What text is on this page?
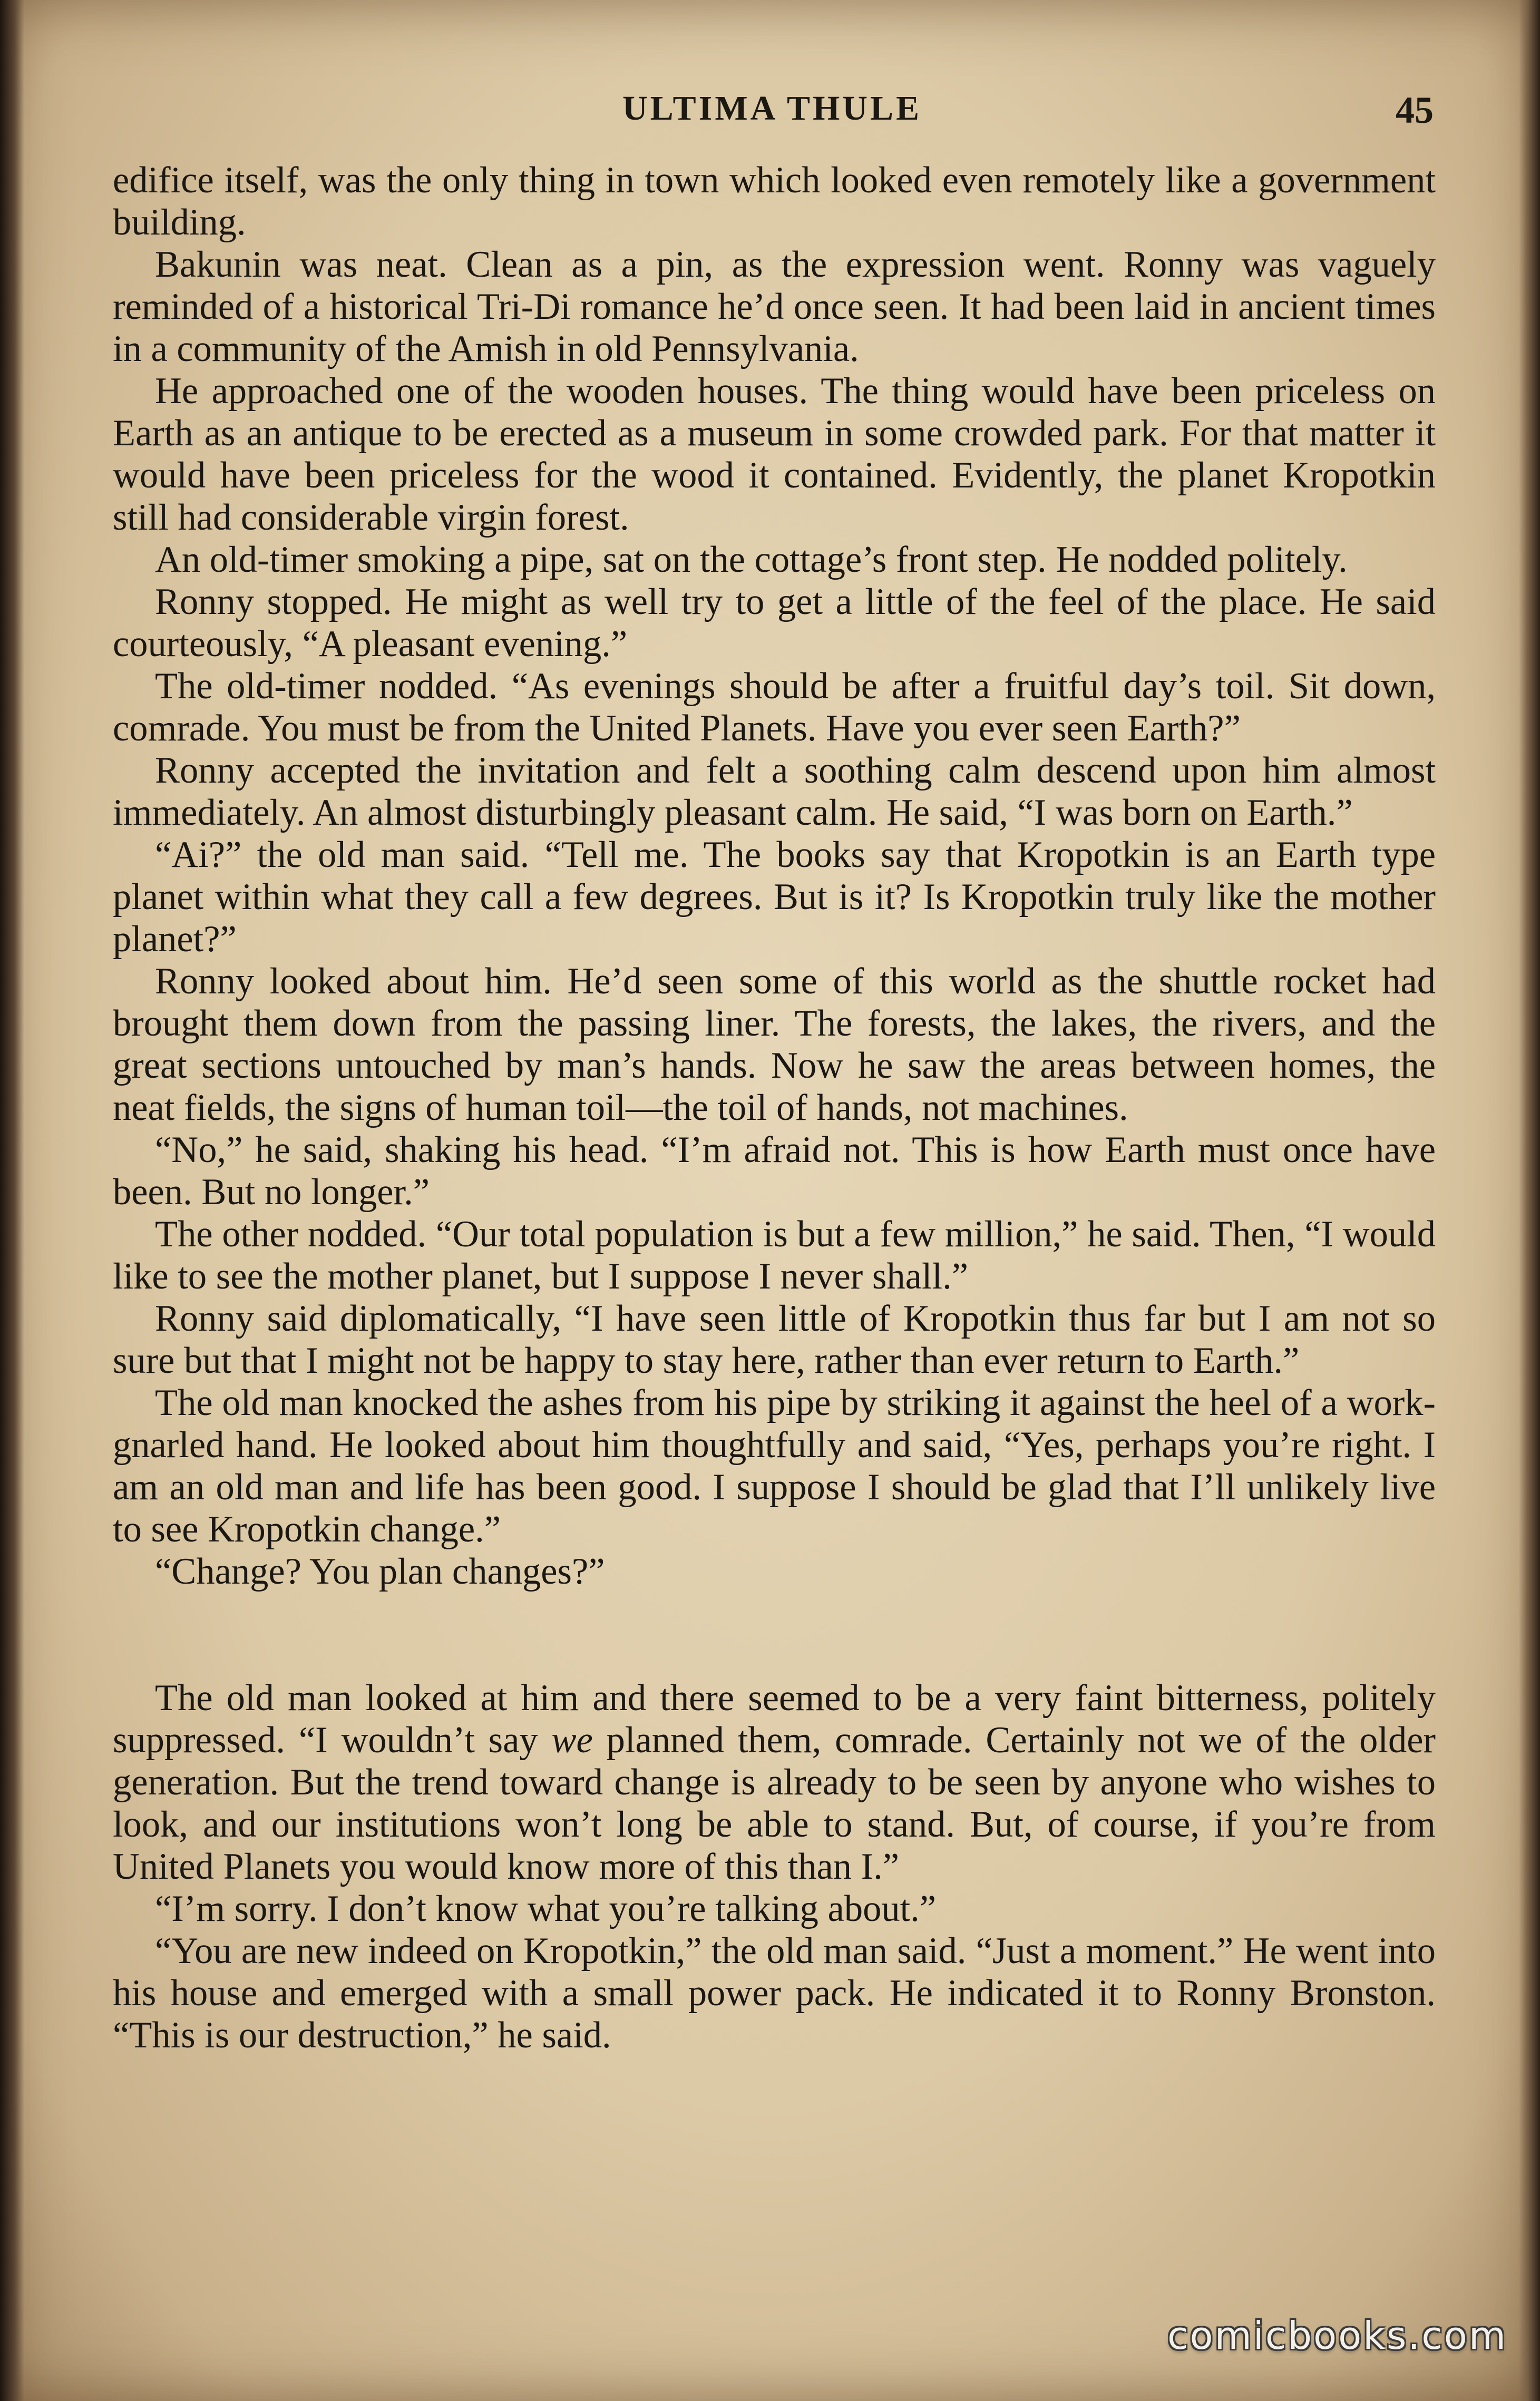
ULTIMA THULE	45

edifice itself, was the only thing in town which looked even remotely like a government building.

Bakunin was neat. Clean as a pin, as the expression went. Ronny was vaguely reminded of a historical Tri-Di romance he’d once seen. It had been laid in ancient times in a community of the Amish in old Pennsylvania.

He approached one of the wooden houses. The thing would have been priceless on Earth as an antique to be erected as a museum in some crowded park. For that matter it would have been priceless for the wood it contained. Evidently, the planet Kropotkin still had considerable virgin forest.

An old-timer smoking a pipe, sat on the cottage’s front step. He nodded politely.

Ronny stopped. He might as well try to get a little of the feel of the place. He said courteously, “A pleasant evening.”

The old-timer nodded. “As evenings should be after a fruitful day’s toil. Sit down, comrade. You must be from the United Planets. Have you ever seen Earth?”

Ronny accepted the invitation and felt a soothing calm descend upon him almost immediately. An almost disturbingly pleasant calm. He said, “I was born on Earth.”

“Ai?” the old man said. “Tell me. The books say that Kropotkin is an Earth type planet within what they call a few degrees. But is it? Is Kropotkin truly like the mother planet?”

Ronny looked about him. He’d seen some of this world as the shuttle rocket had brought them down from the passing liner. The forests, the lakes, the rivers, and the great sections untouched by man’s hands. Now he saw the areas between homes, the neat fields, the signs of human toil—the toil of hands, not machines.

“No,” he said, shaking his head. “I’m afraid not. This is how Earth must once have been. But no longer.”

The other nodded. “Our total population is but a few million,” he said. Then, “I would like to see the mother planet, but I suppose I never shall.”

Ronny said diplomatically, “I have seen little of Kropotkin thus far but I am not so sure but that I might not be happy to stay here, rather than ever return to Earth.”

The old man knocked the ashes from his pipe by striking it against the heel of a work-gnarled hand. He looked about him thoughtfully and said, “Yes, perhaps you’re right. I am an old man and life has been good. I suppose I should be glad that I’ll unlikely live to see Kropotkin change.”

“Change? You plan changes?”

The old man looked at him and there seemed to be a very faint bitterness, politely suppressed. “I wouldn’t say we planned them, comrade. Certainly not we of the older generation. But the trend toward change is already to be seen by anyone who wishes to look, and our institutions won’t long be able to stand. But, of course, if you’re from United Planets you would know more of this than I.”

“I’m sorry. I don’t know what you’re talking about.”

“You are new indeed on Kropotkin,” the old man said. “Just a moment.” He went into his house and emerged with a small power pack. He indicated it to Ronny Bronston. “This is our destruction,” he said.

comicbooks.com
